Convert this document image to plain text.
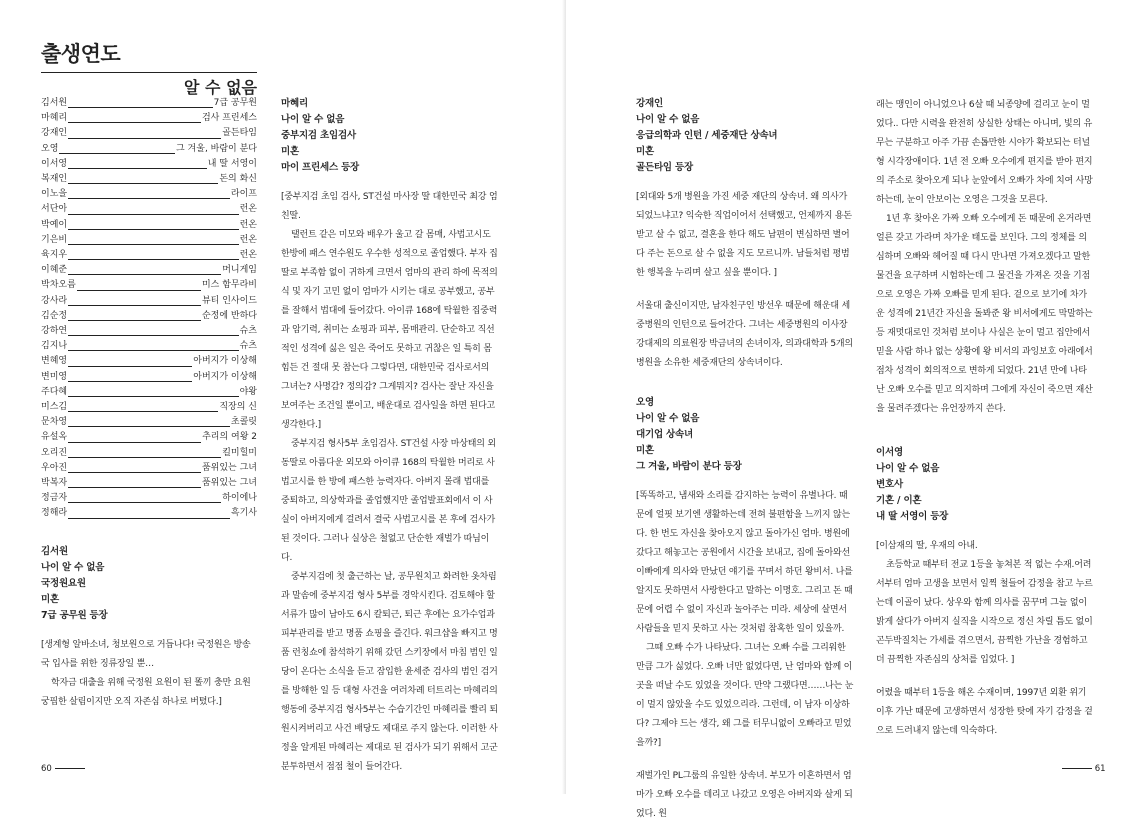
출생연도
알 수 없음
김서원	7급 공무원
마혜리	검사 프린세스
강재인	골든타임
오영	그 겨울, 바람이 분다
이서영	내 딸 서영이
복재인	돈의 화신
이노을	라이프
서단아	런온
박예이	런온
기은비	런온
육지우	런온
이혜준	머니게임
박차오름	미스 함무라비
강사라	뷰티 인사이드
김순정	순정에 반하다
강하연	슈츠
김지나	슈츠
변혜영	아버지가 이상해
변미영	아버지가 이상해
주다혜	야왕
미스김	직장의 신
문차영	초콜릿
유설옥	추리의 여왕 2
오리진	킬미힐미
우아진	품위있는 그녀
박복자	품위있는 그녀
정금자	하이에나
정해라	흑기사
김서원
나이 알 수 없음
국정원요원
미혼
7급 공무원 등장

[생계형 알바소녀, 청보원으로 거듭나다! 국정원은 방송국 입사를 위한 징류장일 뿐…

학자금 대출을 위해 국정원 요원이 된 똘끼 충만 요원 궁핍한 살림이지만 오직 자존심 하나로 버텼다.]

마혜리
나이 알 수 없음
중부지검 초임검사
미혼
마이 프린세스 등장

[중부지검 초임 검사, ST건설 마사장 딸 대한민국 최강 엄친딸.

탤런트 같은 미모와 배우가 울고 갈 몸매, 사법고시도 한방에 패스 연수원도 우수한 성적으로 졸업했다. 부자 집 딸로 부족함 없이 귀하게 크면서 엄마의 관리 하에 목적의식 및 자기 고민 없이 엄마가 시키는 대로 공부했고, 공부를 잘해서 법대에 들어갔다. 아이큐 168에 탁월한 집중력과 암기력, 취미는 쇼핑과 피부, 몸매관리. 단순하고 직선적인 성격에 싫은 일은 죽어도 못하고 귀찮은 일 특히 몸 힘든 건 절대 못 참는다 그렇다면, 대한민국 검사로서의 그녀는? 사명감? 정의감? 그게뭐지? 검사는 잘난 자신을 보여주는 조건일 뿐이고, 배운대로 검사일을 하면 된다고 생각한다.]

중부지검 형사5부 초임검사. ST건설 사장 마상태의 외동딸로 아름다운 외모와 아이큐 168의 탁월한 머리로 사법고시를 한 방에 패스한 능력자다. 아버지 몰래 법대를 중퇴하고, 의상학과를 졸업했지만 졸업발표회에서 이 사실이 아버지에게 걸려서 결국 사법고시를 본 후에 검사가 된 것이다. 그러나 실상은 철없고 단순한 재벌가 따님이다.

중부지검에 첫 출근하는 날, 공무원치고 화려한 옷차림과 말솜에 중부지검 형사 5부를 경악시킨다. 검토해야 할 서류가 많이 남아도 6시 칼퇴근, 퇴근 후에는 요가수업과 피부관리를 받고 명품 쇼핑을 즐긴다. 워크샵을 빠지고 명품 런칭쇼에 참석하기 위해 갔던 스키장에서 마침 범인 일당이 온다는 소식을 듣고 잠입한 윤세준 검사의 범인 검거를 방해한 일 등 대형 사건을 여러차례 터트리는 마혜리의 행동에 중부지검 형사5부는 수습기간인 마혜리를 빨리 퇴원시켜버리고 사건 배당도 제대로 주지 않는다. 이러한 사정을 알게된 마혜리는 제대로 된 검사가 되기 위해서 고군분투하면서 점점 철이 들어간다.

60
강재인
나이 알 수 없음
응급의학과 인턴 / 세중재단 상속녀
미혼
골든타임 등장

[외대와 5개 병원을 가진 세중 재단의 상속녀. 왜 의사가 되었느냐고? 익숙한 직업이어서 선택했고, 언제까지 용돈 받고 살 수 없고, 결혼을 한다 해도 남편이 변심하면 별어다 주는 돈으로 살 수 없을 지도 모르니까. 남들처럼 평범한 행복을 누리며 살고 싶을 뿐이다. ]

서울대 출신이지만, 남자친구인 방선우 때문에 해운대 세중병원의 인턴으로 들어간다. 그녀는 세중병원의 이사장 강대제의 의료원장 박금녀의 손녀이자, 의과대학과 5개의 병원을 소유한 세중재단의 상속녀이다.

오영
나이 알 수 없음
대기업 상속녀
미혼
그 겨울, 바람이 분다 등장

[똑똑하고, 냄새와 소리를 감지하는 능력이 유별나다. 때문에 얼핏 보기엔 생활하는데 전혀 불편함을 느끼지 않는다. 한 번도 자신을 찾아오지 않고 돌아가신 엄마. 병원에 갔다고 해놓고는 공원에서 시간을 보내고, 집에 돌아와선 이빠에게 의사와 만났던 얘기를 꾸며서 하던 왕비서. 나를 알지도 못하면서 사랑한다고 말하는 이명호. 그리고 돈 때문에 어렵 수 없이 자신과 놀아주는 미라. 세상에 살면서 사람들을 믿지 못하고 사는 것처럼 참혹한 일이 있을까.

그때 오빠 수가 나타났다. 그녀는 오빠 수를 그리워한 만큼 그가 싫었다. 오빠 너만 없었다면, 난 엄마와 함께 이곳을 떠날 수도 있었을 것이다. 만약 그랬다면……나는 눈이 멀지 않았을 수도 있었으리라. 그런데, 이 남자 이상하다? 그제야 드는 생각, 왜 그를 터무니없이 오빠라고 믿었을까?]

재벌가인 PL그룹의 유일한 상속녀. 부모가 이혼하면서 엄마가 오빠 오수를 데리고 나갔고 오영은 아버지와 살게 되었다. 원

래는 맹인이 아니었으나 6살 때 뇌종양에 걸리고 눈이 멀었다.. 다만 시력을 완전히 상실한 상태는 아니며, 빛의 유무는 구분하고 아주 가끔 손톱만한 시야가 확보되는 터널형 시각장애이다. 1년 전 오빠 오수에게 편지를 받아 편지의 주소로 찾아오게 되나 눈앞에서 오빠가 차에 치여 사망하는데, 눈이 안보이는 오영은 그것을 모른다.

1년 후 찾아온 가짜 오빠 오수에게 돈 때문에 온거라면 얼른 갖고 가라며 차가운 태도를 보인다. 그의 정체를 의심하며 오빠와 헤어질 때 다시 만나면 가져오겠다고 말한 물건을 요구하며 시험하는데 그 물건을 가져온 것을 기점으로 오영은 가짜 오빠를 믿게 된다. 겉으로 보기에 차가운 성격에 21년간 자신을 돌봐준 왕 비서에게도 막말하는 등 재멋대로인 것처럼 보이나 사실은 눈이 멀고 집안에서 믿을 사람 하나 없는 상황에 왕 비서의 과잉보호 아래에서 점차 성격이 회의적으로 변하게 되었다. 21년 만에 나타난 오빠 오수를 믿고 의지하며 그에게 자신이 죽으면 재산을 물려주겠다는 유언장까지 쓴다.

이서영
나이 알 수 없음
변호사
기혼 / 이혼
내 딸 서영이 등장

[이삼재의 딸, 우재의 아내.

초등학교 때부터 전교 1등을 놓쳐본 적 없는 수재.어려서부터 엄마 고생을 보면서 일찍 철들어 감정을 참고 누르는데 이골이 났다. 상우와 함께 의사를 꿈꾸며 그늘 없이 밝게 살다가 아버지 실직을 시작으로 정신 차릴 틈도 없이 곤두박질치는 가세를 겪으면서, 끔찍한 가난을 경험하고 더 끔찍한 자존심의 상처를 입었다. ]

어렸을 때부터 1등을 해온 수재이며, 1997년 외환 위기 이후 가난 때문에 고생하면서 성장한 탓에 자기 감정을 겉으로 드러내지 않는데 익숙하다.

61
